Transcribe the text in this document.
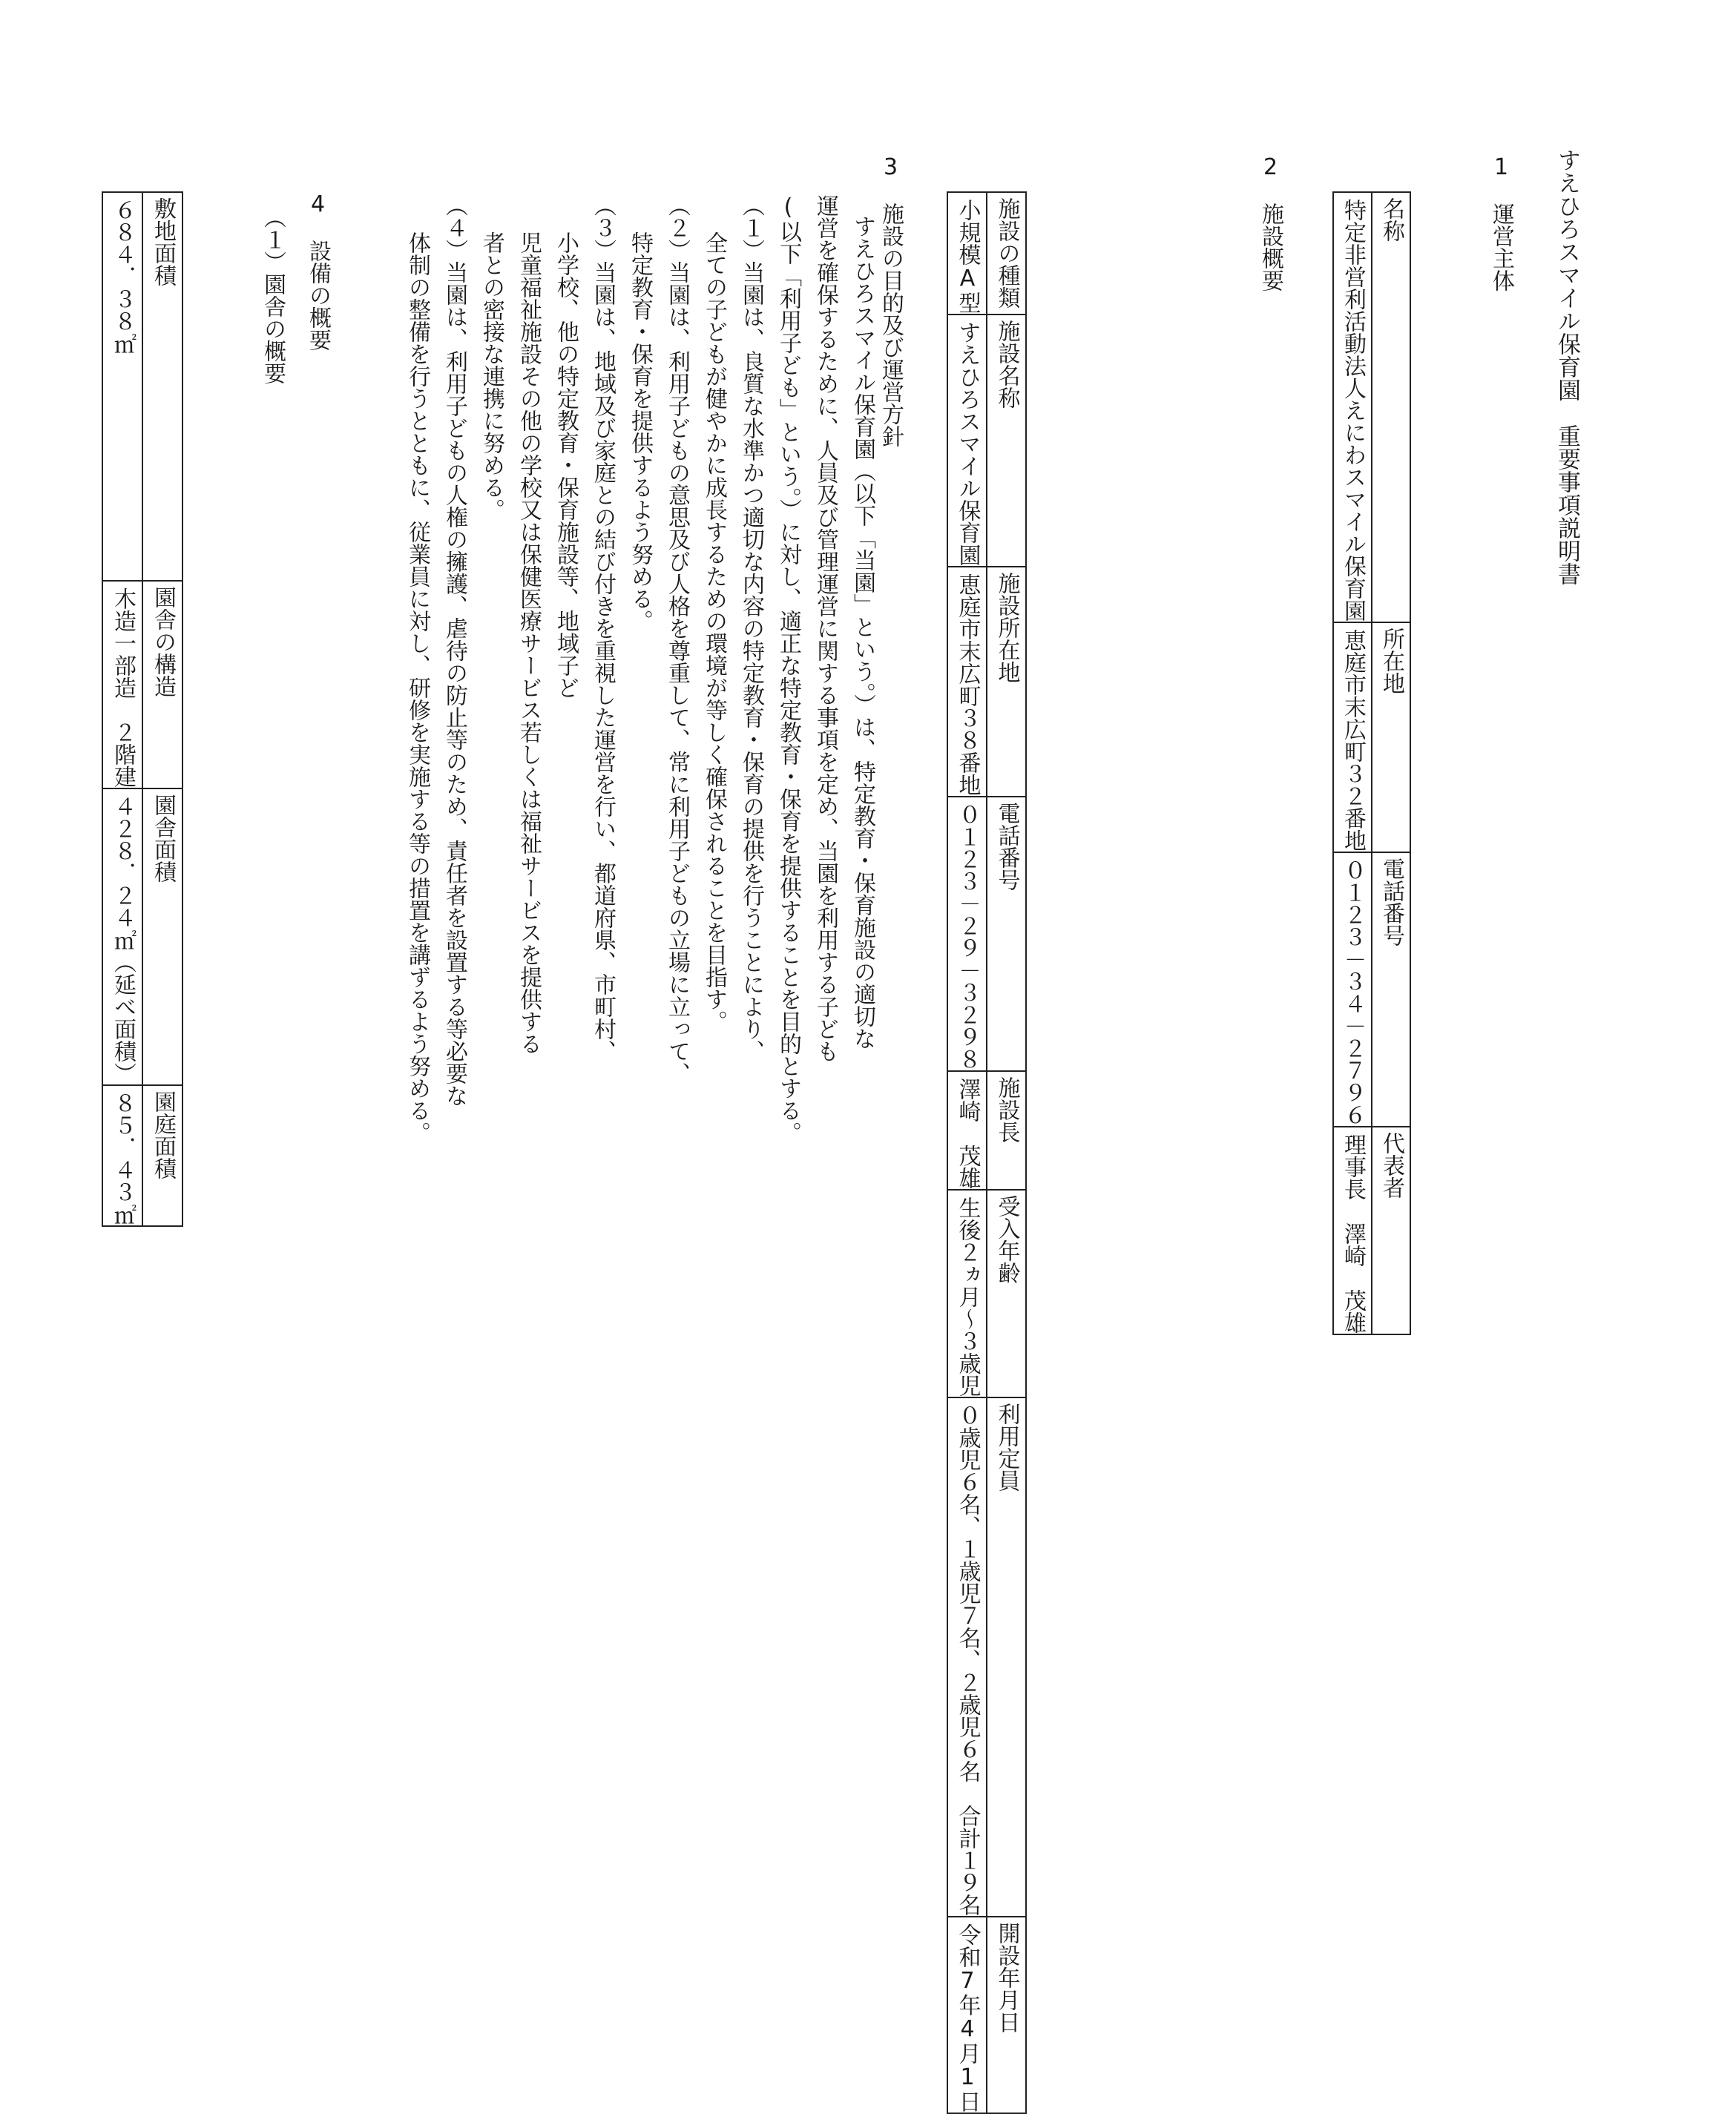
すえひろスマイル保育園　重要事項説明書
1　運営主体
名称	所在地	電話番号	代表者
特定非営利活動法人えにわスマイル保育園	恵庭市末広町３２番地	０１２３－３４－２７９６	理事長　澤崎　茂雄
2　施設概要
施設の種類	施設名称	施設所在地	電話番号	施設長	受入年齢	利用定員	開設年月日
小規模A型	すえひろスマイル保育園	恵庭市末広町３８番地	０１２３－２９－３２９８	澤崎　茂雄	生後２ヵ月～３歳児	０歳児６名、１歳児７名、２歳児６名　合計１９名	令和7年4月1日
3　施設の目的及び運営方針
すえひろスマイル保育園（以下「当園」という。）は、特定教育・保育施設の適切な
運営を確保するために、人員及び管理運営に関する事項を定め、当園を利用する子ども
(以下「利用子ども」という。）に対し、適正な特定教育・保育を提供することを目的とする。
（１）当園は、良質な水準かつ適切な内容の特定教育・保育の提供を行うことにより、
全ての子どもが健やかに成長するための環境が等しく確保されることを目指す。
（２）当園は、利用子どもの意思及び人格を尊重して、常に利用子どもの立場に立って、
特定教育・保育を提供するよう努める。
（３）当園は、地域及び家庭との結び付きを重視した運営を行い、都道府県、市町村、
小学校、他の特定教育・保育施設等、地域子ど
児童福祉施設その他の学校又は保健医療サービス若しくは福祉サービスを提供する
者との密接な連携に努める。
（４）当園は、利用子どもの人権の擁護、虐待の防止等のため、責任者を設置する等必要な
体制の整備を行うとともに、従業員に対し、研修を実施する等の措置を講ずるよう努める。
4　設備の概要
（１）園舎の概要
敷地面積	園舎の構造	園舎面積	園庭面積
６８４．３８㎡	木造一部造　２階建	４２８．２４㎡（延べ面積）	８５．４３㎡
